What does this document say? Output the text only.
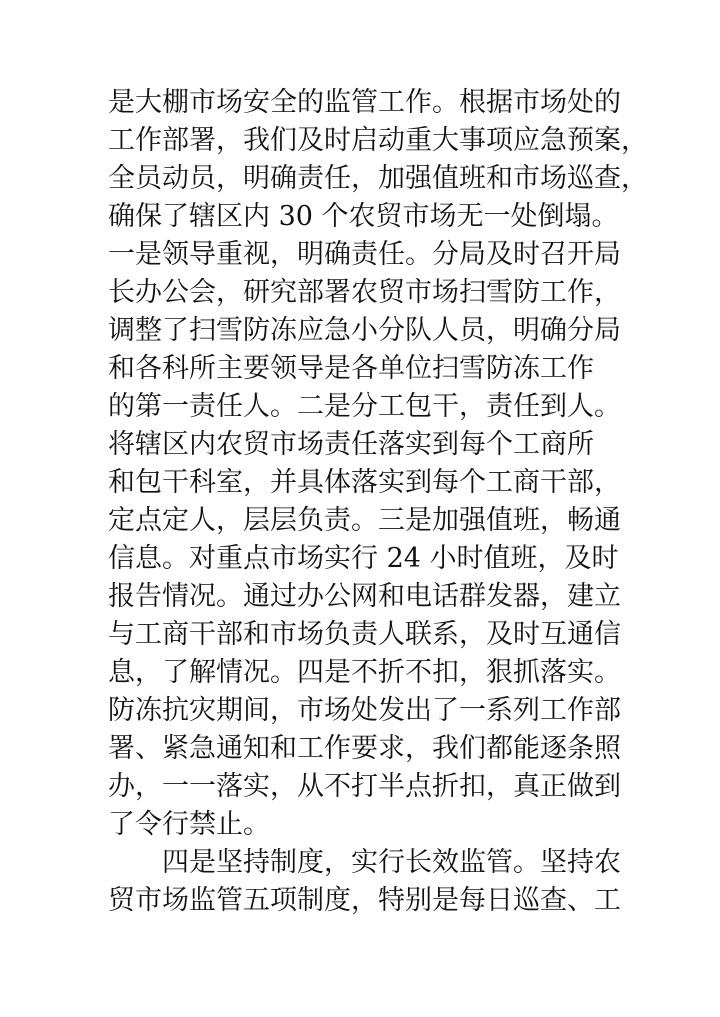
是大棚市场安全的监管工作。根据市场处的
工作部署，我们及时启动重大事项应急预案，
全员动员，明确责任，加强值班和市场巡查，
确保了辖区内 30 个农贸市场无一处倒塌。
一是领导重视，明确责任。分局及时召开局
长办公会，研究部署农贸市场扫雪防工作，
调整了扫雪防冻应急小分队人员，明确分局
和各科所主要领导是各单位扫雪防冻工作
的第一责任人。二是分工包干，责任到人。
将辖区内农贸市场责任落实到每个工商所
和包干科室，并具体落实到每个工商干部，
定点定人，层层负责。三是加强值班，畅通
信息。对重点市场实行 24 小时值班，及时
报告情况。通过办公网和电话群发器，建立
与工商干部和市场负责人联系，及时互通信
息，了解情况。四是不折不扣，狠抓落实。
防冻抗灾期间，市场处发出了一系列工作部
署、紧急通知和工作要求，我们都能逐条照
办，一一落实，从不打半点折扣，真正做到
了令行禁止。
四是坚持制度，实行长效监管。坚持农
贸市场监管五项制度，特别是每日巡查、工
